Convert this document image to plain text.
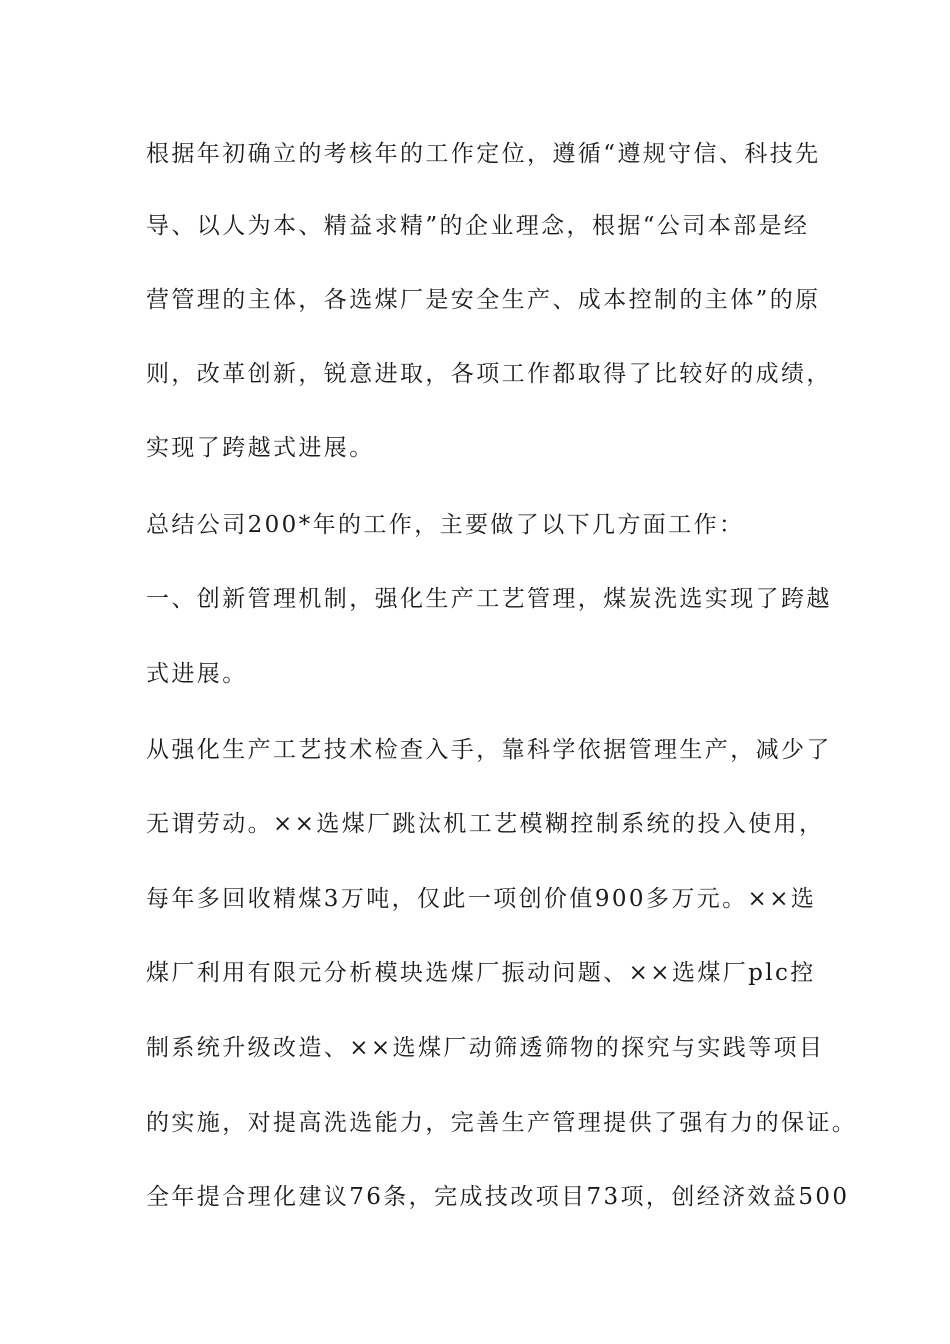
根据年初确立的考核年的工作定位，遵循“遵规守信、科技先
导、以人为本、精益求精”的企业理念，根据“公司本部是经
营管理的主体，各选煤厂是安全生产、成本控制的主体”的原
则，改革创新，锐意进取，各项工作都取得了比较好的成绩，
实现了跨越式进展。
总结公司200*年的工作，主要做了以下几方面工作：
一、创新管理机制，强化生产工艺管理，煤炭洗选实现了跨越
式进展。
从强化生产工艺技术检查入手，靠科学依据管理生产，减少了
无谓劳动。××选煤厂跳汰机工艺模糊控制系统的投入使用，
每年多回收精煤3万吨，仅此一项创价值900多万元。××选
煤厂利用有限元分析模块选煤厂振动问题、××选煤厂plc控
制系统升级改造、××选煤厂动筛透筛物的探究与实践等项目
的实施，对提高洗选能力，完善生产管理提供了强有力的保证。
全年提合理化建议76条，完成技改项目73项，创经济效益500
